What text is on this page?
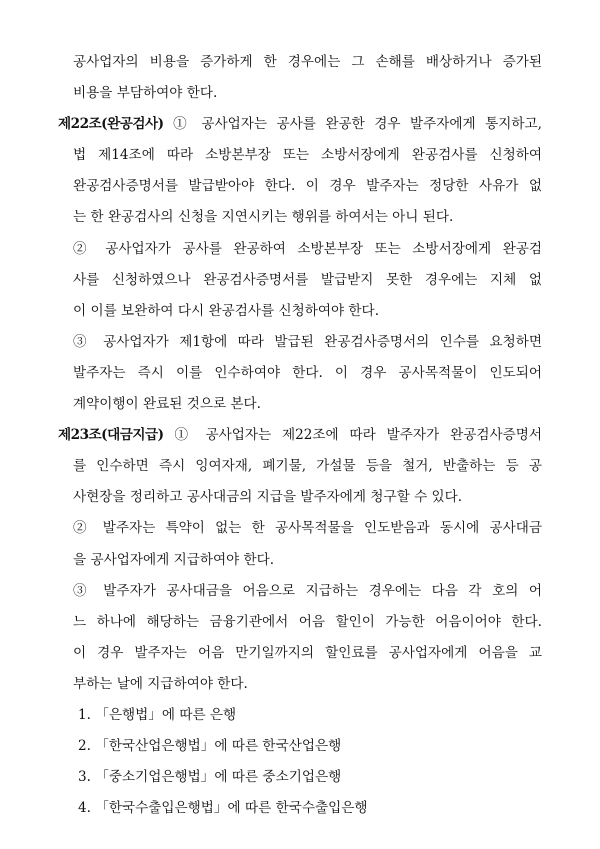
공사업자의 비용을 증가하게 한 경우에는 그 손해를 배상하거나 증가된
비용을 부담하여야 한다.
제22조(완공검사) ① 공사업자는 공사를 완공한 경우 발주자에게 통지하고,
법 제14조에 따라 소방본부장 또는 소방서장에게 완공검사를 신청하여
완공검사증명서를 발급받아야 한다. 이 경우 발주자는 정당한 사유가 없
는 한 완공검사의 신청을 지연시키는 행위를 하여서는 아니 된다.
② 공사업자가 공사를 완공하여 소방본부장 또는 소방서장에게 완공검
사를 신청하였으나 완공검사증명서를 발급받지 못한 경우에는 지체 없
이 이를 보완하여 다시 완공검사를 신청하여야 한다.
③ 공사업자가 제1항에 따라 발급된 완공검사증명서의 인수를 요청하면
발주자는 즉시 이를 인수하여야 한다. 이 경우 공사목적물이 인도되어
계약이행이 완료된 것으로 본다.
제23조(대금지급) ① 공사업자는 제22조에 따라 발주자가 완공검사증명서
를 인수하면 즉시 잉여자재, 폐기물, 가설물 등을 철거, 반출하는 등 공
사현장을 정리하고 공사대금의 지급을 발주자에게 청구할 수 있다.
② 발주자는 특약이 없는 한 공사목적물을 인도받음과 동시에 공사대금
을 공사업자에게 지급하여야 한다.
③ 발주자가 공사대금을 어음으로 지급하는 경우에는 다음 각 호의 어
느 하나에 해당하는 금융기관에서 어음 할인이 가능한 어음이어야 한다.
이 경우 발주자는 어음 만기일까지의 할인료를 공사업자에게 어음을 교
부하는 날에 지급하여야 한다.
1. 「은행법」에 따른 은행
2. 「한국산업은행법」에 따른 한국산업은행
3. 「중소기업은행법」에 따른 중소기업은행
4. 「한국수출입은행법」에 따른 한국수출입은행
